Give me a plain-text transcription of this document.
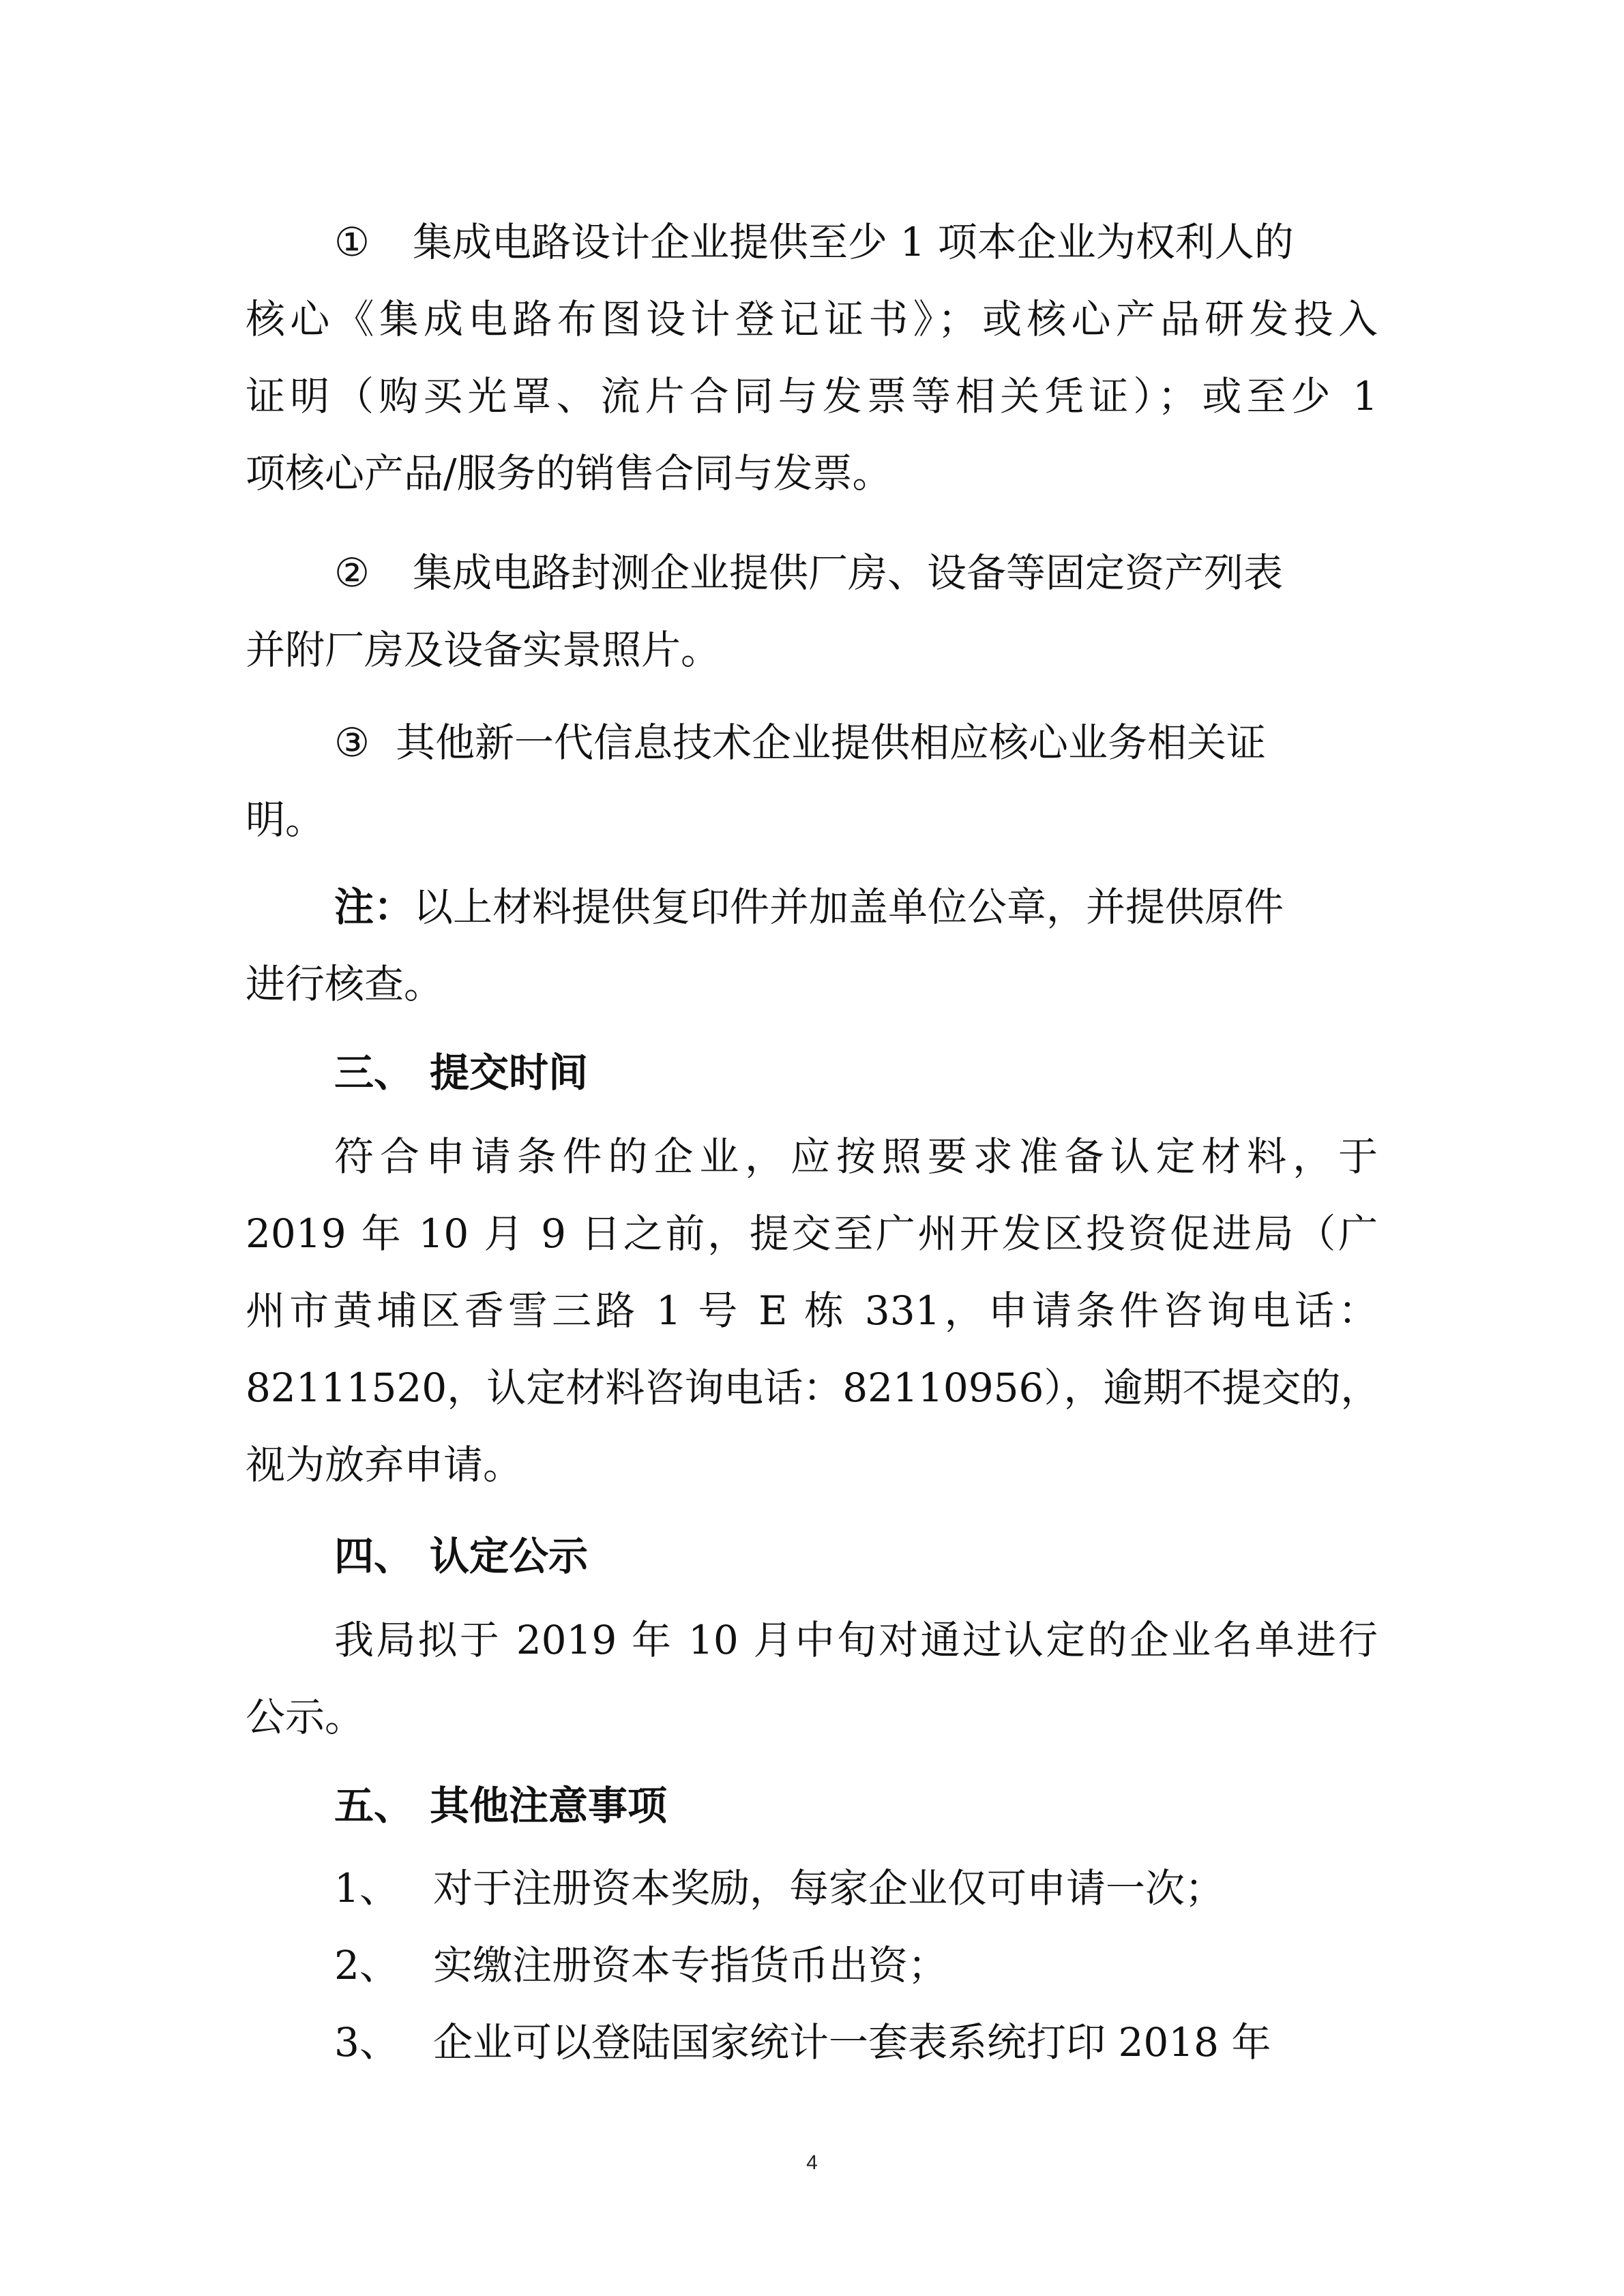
① 集成电路设计企业提供至少 1 项本企业为权利人的
核心《集成电路布图设计登记证书》；或核心产品研发投入
证明（购买光罩、流片合同与发票等相关凭证）；或至少 1
项核心产品/服务的销售合同与发票。
② 集成电路封测企业提供厂房、设备等固定资产列表
并附厂房及设备实景照片。
③ 其他新一代信息技术企业提供相应核心业务相关证
明。
注：以上材料提供复印件并加盖单位公章，并提供原件
进行核查。
三、 提交时间
符合申请条件的企业，应按照要求准备认定材料，于
2019 年 10 月 9 日之前，提交至广州开发区投资促进局（广
州市黄埔区香雪三路 1 号 E 栋 331，申请条件咨询电话：
82111520，认定材料咨询电话：82110956），逾期不提交的，
视为放弃申请。
四、 认定公示
我局拟于 2019 年 10 月中旬对通过认定的企业名单进行
公示。
五、 其他注意事项
1、 对于注册资本奖励，每家企业仅可申请一次；
2、 实缴注册资本专指货币出资；
3、 企业可以登陆国家统计一套表系统打印 2018 年
4
